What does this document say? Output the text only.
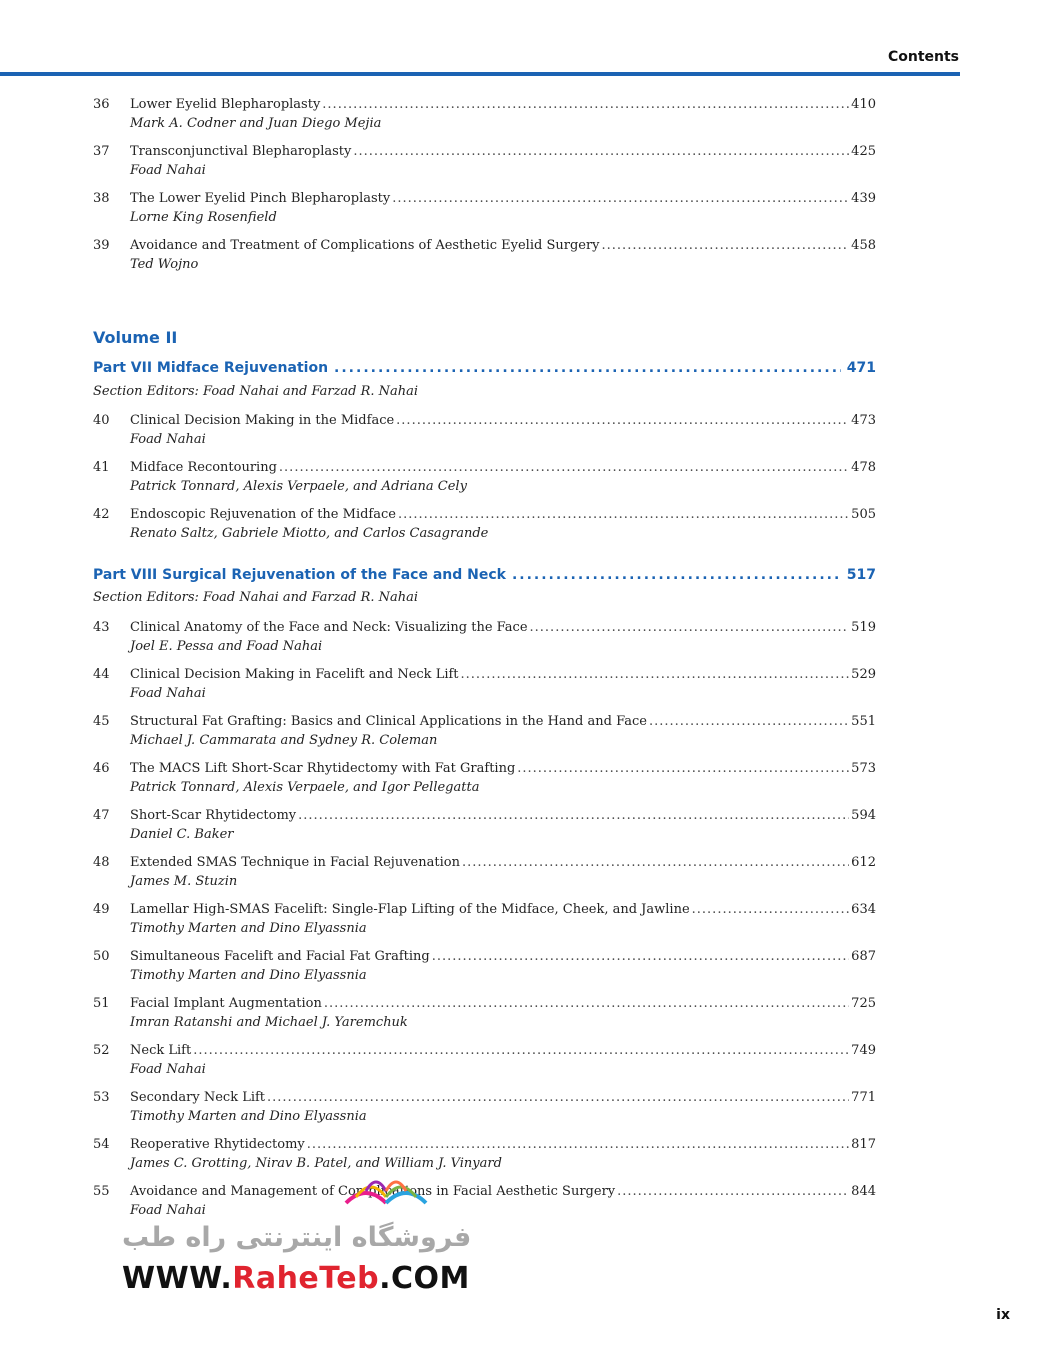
Contents
36	Lower Eyelid Blepharoplasty .....	410
Mark A. Codner and Juan Diego Mejia
37	Transconjunctival Blepharoplasty .....	425
Foad Nahai
38	The Lower Eyelid Pinch Blepharoplasty .....	439
Lorne King Rosenfield
39	Avoidance and Treatment of Complications of Aesthetic Eyelid Surgery .....	458
Ted Wojno
Volume II
Part VII Midface Rejuvenation .....	471
Section Editors: Foad Nahai and Farzad R. Nahai
40	Clinical Decision Making in the Midface .....	473
Foad Nahai
41	Midface Recontouring .....	478
Patrick Tonnard, Alexis Verpaele, and Adriana Cely
42	Endoscopic Rejuvenation of the Midface .....	505
Renato Saltz, Gabriele Miotto, and Carlos Casagrande
Part VIII Surgical Rejuvenation of the Face and Neck .....	517
Section Editors: Foad Nahai and Farzad R. Nahai
43	Clinical Anatomy of the Face and Neck: Visualizing the Face .....	519
Joel E. Pessa and Foad Nahai
44	Clinical Decision Making in Facelift and Neck Lift .....	529
Foad Nahai
45	Structural Fat Grafting: Basics and Clinical Applications in the Hand and Face .....	551
Michael J. Cammarata and Sydney R. Coleman
46	The MACS Lift Short-Scar Rhytidectomy with Fat Grafting .....	573
Patrick Tonnard, Alexis Verpaele, and Igor Pellegatta
47	Short-Scar Rhytidectomy .....	594
Daniel C. Baker
48	Extended SMAS Technique in Facial Rejuvenation .....	612
James M. Stuzin
49	Lamellar High-SMAS Facelift: Single-Flap Lifting of the Midface, Cheek, and Jawline .....	634
Timothy Marten and Dino Elyassnia
50	Simultaneous Facelift and Facial Fat Grafting .....	687
Timothy Marten and Dino Elyassnia
51	Facial Implant Augmentation .....	725
Imran Ratanshi and Michael J. Yaremchuk
52	Neck Lift .....	749
Foad Nahai
53	Secondary Neck Lift .....	771
Timothy Marten and Dino Elyassnia
54	Reoperative Rhytidectomy .....	817
James C. Grotting, Nirav B. Patel, and William J. Vinyard
55	Avoidance and Management of Complications in Facial Aesthetic Surgery .....	844
Foad Nahai
فروشگاه اینترنتی راه طب
WWW.RaheTeb.COM
ix
